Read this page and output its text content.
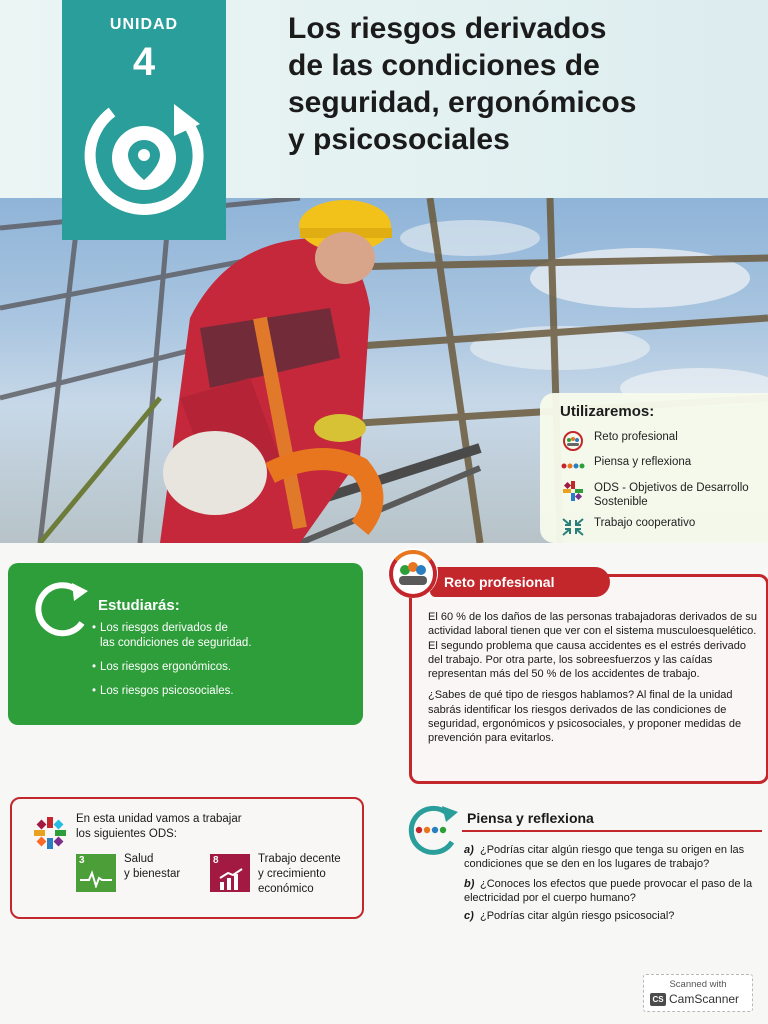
Los riesgos derivados
de las condiciones de
seguridad, ergonómicos
y psicosociales
UNIDAD
4
Utilizaremos:
Reto profesional
Piensa y reflexiona
ODS - Objetivos de Desarrollo
Sostenible
Trabajo cooperativo
Estudiarás:
• Los riesgos derivados de
las condiciones de seguridad.
• Los riesgos ergonómicos.
• Los riesgos psicosociales.
Reto profesional

El 60 % de los daños de las personas trabajadoras derivados de su actividad laboral tienen que ver con el sistema musculoesquelético. El segundo problema que causa accidentes es el estrés derivado del trabajo. Por otra parte, los sobreesfuerzos y las caídas representan más del 50 % de los accidentes de trabajo.

¿Sabes de qué tipo de riesgos hablamos? Al final de la unidad sabrás identificar los riesgos derivados de las condiciones de seguridad, ergonómicos y psicosociales, y proponer medidas de prevención para evitarlos.

En esta unidad vamos a trabajar
los siguientes ODS:
3	Salud
y bienestar
8	Trabajo decente
y crecimiento
económico
Piensa y reflexiona
a) ¿Podrías citar algún riesgo que tenga su origen en las condiciones que se den en los lugares de trabajo?
b) ¿Conoces los efectos que puede provocar el paso de la electricidad por el cuerpo humano?
c) ¿Podrías citar algún riesgo psicosocial?
Scanned with
CS CamScanner
